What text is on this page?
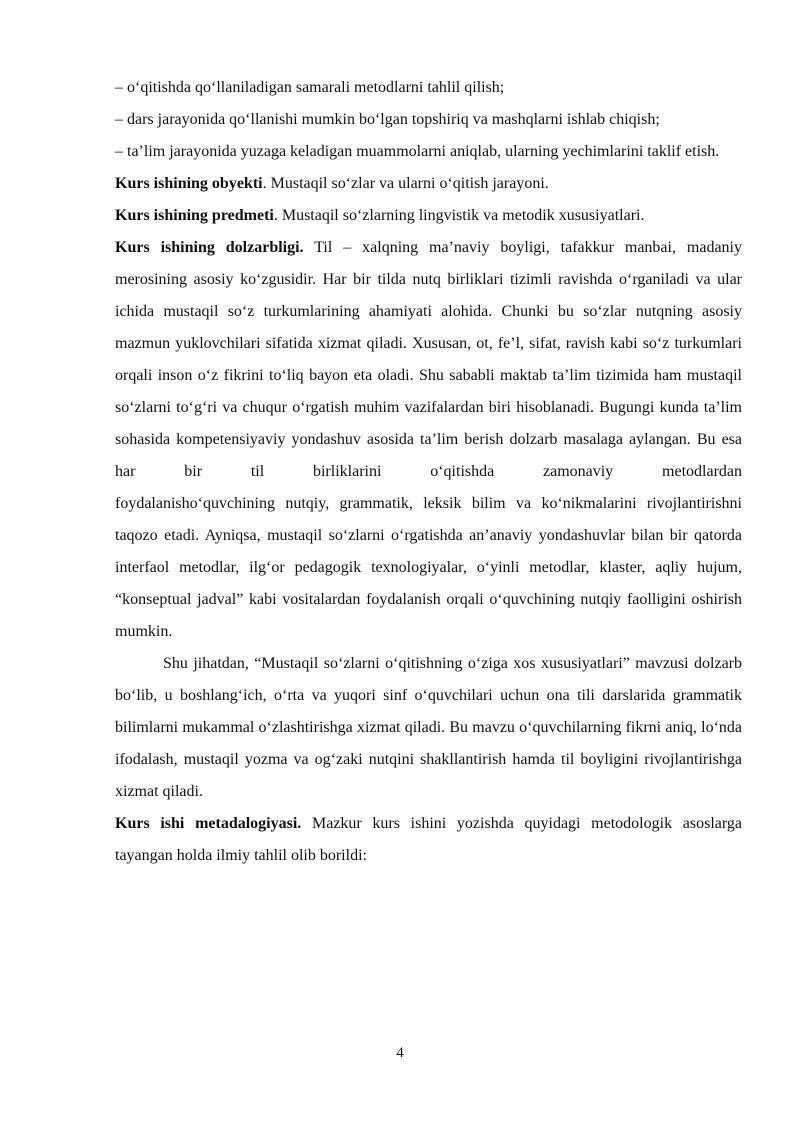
– o‘qitishda qo‘llaniladigan samarali metodlarni tahlil qilish;

– dars jarayonida qo‘llanishi mumkin bo‘lgan topshiriq va mashqlarni ishlab chiqish;

– ta’lim jarayonida yuzaga keladigan muammolarni aniqlab, ularning yechimlarini taklif etish.

Kurs ishining obyekti. Mustaqil so‘zlar va ularni o‘qitish jarayoni.

Kurs ishining predmeti. Mustaqil so‘zlarning lingvistik va metodik xususiyatlari.

Kurs ishining dolzarbligi. Til – xalqning ma’naviy boyligi, tafakkur manbai, madaniy merosining asosiy ko‘zgusidir. Har bir tilda nutq birliklari tizimli ravishda o‘rganiladi va ular ichida mustaqil so‘z turkumlarining ahamiyati alohida. Chunki bu so‘zlar nutqning asosiy mazmun yuklovchilari sifatida xizmat qiladi. Xususan, ot, fe’l, sifat, ravish kabi so‘z turkumlari orqali inson o‘z fikrini to‘liq bayon eta oladi. Shu sababli maktab ta’lim tizimida ham mustaqil so‘zlarni to‘g‘ri va chuqur o‘rgatish muhim vazifalardan biri hisoblanadi. Bugungi kunda ta’lim sohasida kompetensiyaviy yondashuv asosida ta’lim berish dolzarb masalaga aylangan. Bu esa har bir til birliklarini o‘qitishda zamonaviy metodlardan

foydalanisho‘quvchining nutqiy, grammatik, leksik bilim va ko‘nikmalarini rivojlantirishni taqozo etadi. Ayniqsa, mustaqil so‘zlarni o‘rgatishda an’anaviy yondashuvlar bilan bir qatorda interfaol metodlar, ilg‘or pedagogik texnologiyalar, o‘yinli metodlar, klaster, aqliy hujum, “konseptual jadval” kabi vositalardan foydalanish orqali o‘quvchining nutqiy faolligini oshirish mumkin.

Shu jihatdan, “Mustaqil so‘zlarni o‘qitishning o‘ziga xos xususiyatlari” mavzusi dolzarb bo‘lib, u boshlang‘ich, o‘rta va yuqori sinf o‘quvchilari uchun ona tili darslarida grammatik bilimlarni mukammal o‘zlashtirishga xizmat qiladi. Bu mavzu o‘quvchilarning fikrni aniq, lo‘nda ifodalash, mustaqil yozma va og‘zaki nutqini shakllantirish hamda til boyligini rivojlantirishga xizmat qiladi.

Kurs ishi metadalogiyasi. Mazkur kurs ishini yozishda quyidagi metodologik asoslarga tayangan holda ilmiy tahlil olib borildi:

4
